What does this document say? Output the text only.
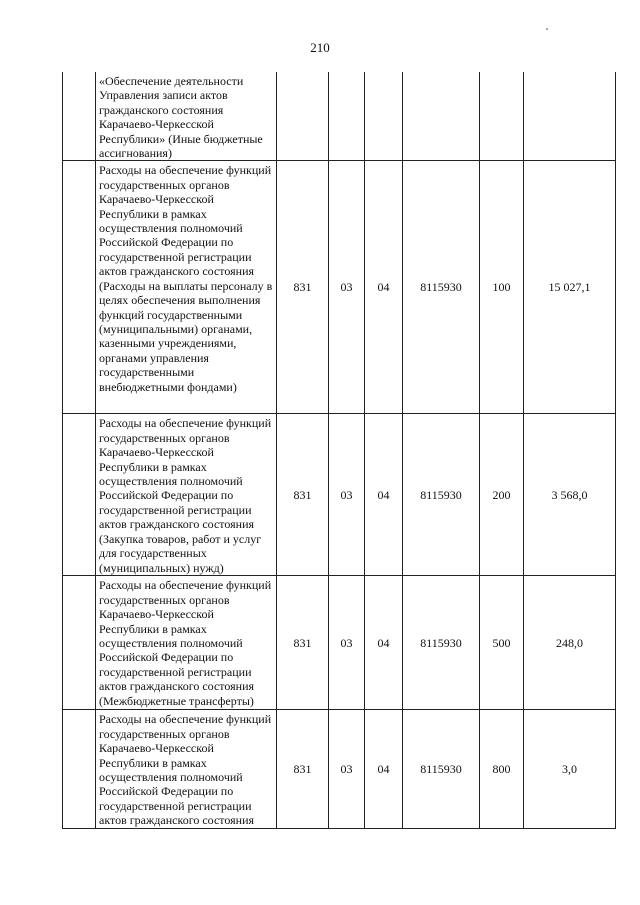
210
	«Обеспечение деятельности Управления записи актов гражданского состояния Карачаево-Черкесской Республики» (Иные бюджетные ассигнования)						
	Расходы на обеспечение функций государственных органов Карачаево-Черкесской Республики в рамках осуществления полномочий Российской Федерации по государственной регистрации актов гражданского состояния (Расходы на выплаты персоналу в целях обеспечения выполнения функций государственными (муниципальными) органами, казенными учреждениями, органами управления государственными внебюджетными фондами)	831	03	04	8115930	100	15 027,1
	Расходы на обеспечение функций государственных органов Карачаево-Черкесской Республики в рамках осуществления полномочий Российской Федерации по государственной регистрации актов гражданского состояния (Закупка товаров, работ и услуг для государственных (муниципальных) нужд)	831	03	04	8115930	200	3 568,0
	Расходы на обеспечение функций государственных органов Карачаево-Черкесской Республики в рамках осуществления полномочий Российской Федерации по государственной регистрации актов гражданского состояния (Межбюджетные трансферты)	831	03	04	8115930	500	248,0
	Расходы на обеспечение функций государственных органов Карачаево-Черкесской Республики в рамках осуществления полномочий Российской Федерации по государственной регистрации актов гражданского состояния	831	03	04	8115930	800	3,0
